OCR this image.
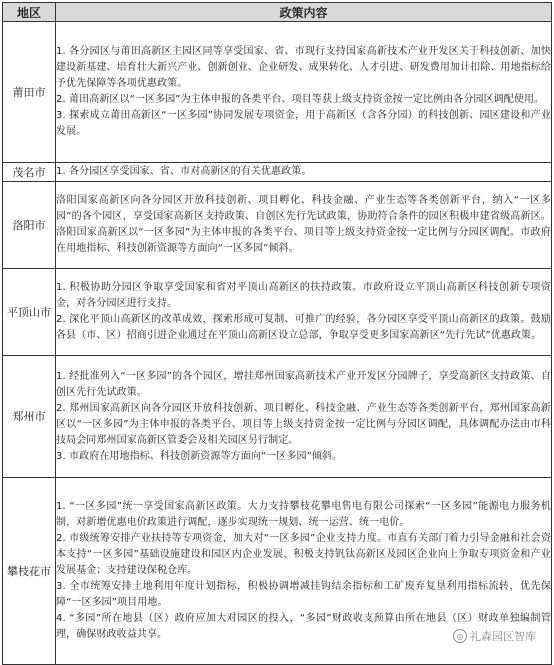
地区	政策内容
莆田市	1. 各分园区与莆田高新区主园区同等享受国家、省、市现行支持国家高新技术产业开发区关于科技创新、加快建设新基建、培育壮大新兴产业、创新创业、企业研发、成果转化、人才引进、研发费用加计扣除、用地指标给予优先保障等各项优惠政策。
2. 莆田高新区以“一区多园”为主体申报的各类平台、项目等获上级支持资金按一定比例由各分园区调配使用。
3. 探索成立莆田高新区“一区多园”协同发展专项资金，用于高新区（含各分园）的科技创新、园区建设和产业发展。

茂名市	1. 各分园区享受国家、省、市对高新区的有关优惠政策。

洛阳市	洛阳国家高新区向各分园区开放科技创新、项目孵化、科技金融、产业生态等各类创新平台，纳入“一区多园”的各个园区，享受国家高新区支持政策、自创区先行先试政策，协助符合条件的园区积极申建省级高新区。洛阳国家高新区以“一区多园”为主体申报的各类平台、项目等上级支持资金按一定比例与分园区调配。市政府在用地指标、科技创新资源等方面向“一区多园”倾斜。

平顶山市	1. 积极协助分园区争取享受国家和省对平顶山高新区的扶持政策。市政府设立平顶山高新区科技创新专项资金，对各分园区进行支持。
2. 深化平顶山高新区的改革成效，探索形成可复制、可推广的经验，各分园区享受平顶山高新区的政策。鼓励各县（市、区）招商引进企业通过在平顶山高新区设立总部，争取享受更多国家高新区“先行先试”优惠政策。

郑州市	1. 经批准列入“一区多园”的各个园区，增挂郑州国家高新技术产业开发区分园牌子，享受高新区支持政策、自创区先行先试政策。
2. 郑州国家高新区向各分园区开放科技创新、项目孵化、科技金融、产业生态等各类创新平台，郑州国家高新区以“一区多园”为主体申报的各类平台、项目等上级支持资金按一定比例与分园区调配，具体调配办法由市科技局会同郑州国家高新区管委会及相关园区另行制定。
3. 市政府在用地指标、科技创新资源等方面向“一区多园”倾斜。

攀枝花市	1. “一区多园”统一享受国家高新区政策。大力支持攀枝花攀电售电有限公司探索“一区多园”能源电力服务机制，对新增优惠电价政策进行调配，逐步实现统一规划、统一运营、统一电价。
2. 市级统筹安排产业扶持等专项资金，加大对“一区多园”企业支持力度。市直有关部门着力引导金融和社会资本支持“一区多园”基础设施建设和园区内企业发展，积极支持钒钛高新区及园区企业向上争取专项资金和产业发展基金；支持建设保税仓库。
3. 全市统筹安排土地利用年度计划指标，积极协调增减挂钩结余指标和工矿废弃复垦利用指标流转，优先保障“一区多园”项目用地。
4. “多园”所在地县（区）政府应加大对园区的投入，“多园”财政收支预算由所在地县（区）财政单独编制管理，确保财政收益共享。	◎ 礼森园区智库
